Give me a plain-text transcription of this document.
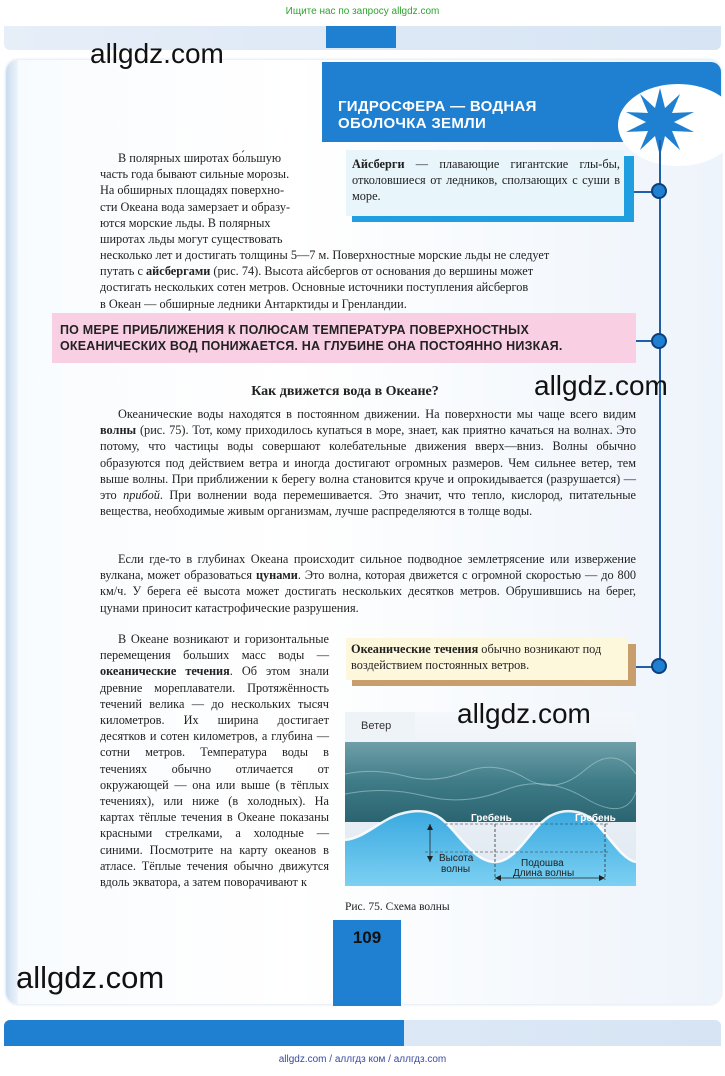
Ищите нас по запросу allgdz.com
ГИДРОСФЕРА — ВОДНАЯ
ОБОЛОЧКА ЗЕМЛИ
Айсберги — плавающие гигантские глы-бы, отколовшиеся от ледников, сползающих с суши в море.
В полярных широтах бо́льшую
часть года бывают сильные морозы.
На обширных площадях поверхно-
сти Океана вода замерзает и образу-
ются морские льды. В полярных
широтах льды могут существовать
несколько лет и достигать толщины 5—7 м. Поверхностные морские льды не следует
путать с айсбергами (рис. 74). Высота айсбергов от основания до вершины может
достигать нескольких сотен метров. Основные источники поступления айсбергов
в Океан — обширные ледники Антарктиды и Гренландии.
ПО МЕРЕ ПРИБЛИЖЕНИЯ К ПОЛЮСАМ ТЕМПЕРАТУРА ПОВЕРХНОСТНЫХ
ОКЕАНИЧЕСКИХ ВОД ПОНИЖАЕТСЯ. НА ГЛУБИНЕ ОНА ПОСТОЯННО НИЗКАЯ.
Как движется вода в Океане?

Океанические воды находятся в постоянном движении. На поверхности мы чаще всего видим волны (рис. 75). Тот, кому приходилось купаться в море, знает, как приятно качаться на волнах. Это потому, что частицы воды совершают колебательные движения вверх—вниз. Волны обычно образуются под действием ветра и иногда достигают огромных размеров. Чем сильнее ветер, тем выше волны. При приближении к берегу волна становится круче и опрокидывается (разрушается) — это прибой. При волнении вода перемешивается. Это значит, что тепло, кислород, питательные вещества, необходимые живым организмам, лучше распределяются в толще воды.

Если где-то в глубинах Океана происходит сильное подводное землетрясение или извержение вулкана, может образоваться цунами. Это волна, которая движется с огромной скоростью — до 800 км/ч. У берега её высота может достигать нескольких десятков метров. Обрушившись на берег, цунами приносит катастрофические разрушения.

В Океане возникают и горизонтальные перемещения больших масс воды — океанические течения. Об этом знали древние мореплаватели. Протяжённость течений велика — до нескольких тысяч километров. Их ширина достигает десятков и сотен километров, а глубина — сотни метров. Температура воды в течениях обычно отличается от окружающей — она или выше (в тёплых течениях), или ниже (в холодных). На картах тёплые течения в Океане показаны красными стрелками, а холодные — синими. Посмотрите на карту океанов в атласе. Тёплые течения обычно движутся вдоль экватора, а затем поворачивают к

Океанические течения обычно возникают под воздействием постоянных ветров.
Ветер
Гребень	Гребень
Высота
волны
Подошва
Длина волны
Рис. 75. Схема волны
109
allgdz.com
allgdz.com
allgdz.com
allgdz.com
allgdz.com / аллгдз ком / аллгдз.com
